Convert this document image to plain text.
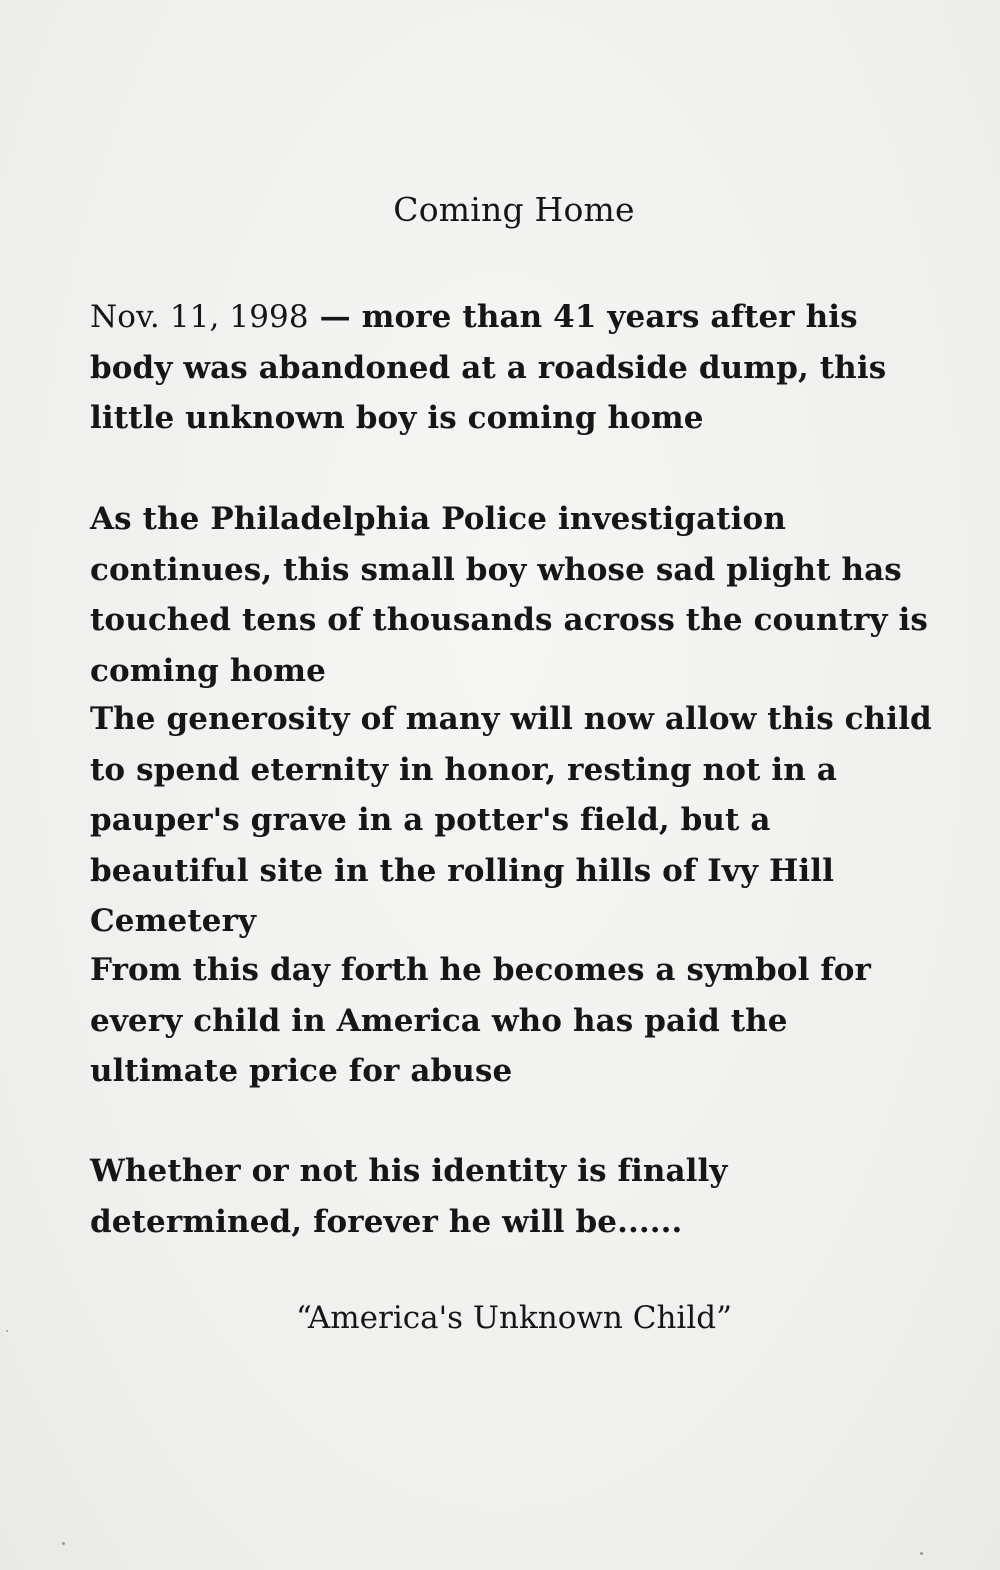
Coming Home

Nov. 11, 1998 — more than 41 years after his body was abandoned at a roadside dump, this little unknown boy is coming home

As the Philadelphia Police investigation continues, this small boy whose sad plight has touched tens of thousands across the country is coming home

The generosity of many will now allow this child to spend eternity in honor, resting not in a pauper's grave in a potter's field, but a beautiful site in the rolling hills of Ivy Hill Cemetery

From this day forth he becomes a symbol for every child in America who has paid the ultimate price for abuse

Whether or not his identity is finally determined, forever he will be......

“America's Unknown Child”
